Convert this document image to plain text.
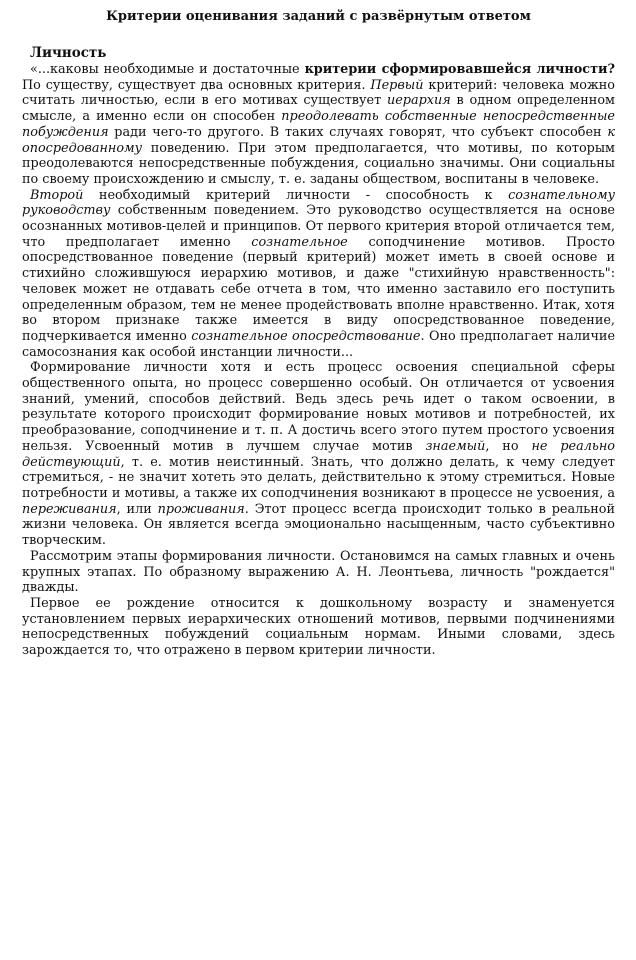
Критерии оценивания заданий с развёрнутым ответом
Личность

«...каковы необходимые и достаточные критерии сформировавшейся личности? По существу, существует два основных критерия. Первый критерий: человека можно считать личностью, если в его мотивах существует иерархия в одном определенном смысле, а именно если он способен преодолевать собственные непосредственные побуждения ради чего-то другого. В таких случаях говорят, что субъект способен к опосредованному поведению. При этом предполагается, что мотивы, по которым преодолеваются непосредственные побуждения, социально значимы. Они социальны по своему происхождению и смыслу, т. е. заданы обществом, воспитаны в человеке.

Второй необходимый критерий личности - способность к сознательному руководству собственным поведением. Это руководство осуществляется на основе осознанных мотивов-целей и принципов. От первого критерия второй отличается тем, что предполагает именно сознательное соподчинение мотивов. Просто опосредствованное поведение (первый критерий) может иметь в своей основе и стихийно сложившуюся иерархию мотивов, и даже "стихийную нравственность": человек может не отдавать себе отчета в том, что именно заставило его поступить определенным образом, тем не менее продействовать вполне нравственно. Итак, хотя во втором признаке также имеется в виду опосредствованное поведение, подчеркивается именно сознательное опосредствование. Оно предполагает наличие самосознания как особой инстанции личности...

Формирование личности хотя и есть процесс освоения специальной сферы общественного опыта, но процесс совершенно особый. Он отличается от усвоения знаний, умений, способов действий. Ведь здесь речь идет о таком освоении, в результате которого происходит формирование новых мотивов и потребностей, их преобразование, соподчинение и т. п. А достичь всего этого путем простого усвоения нельзя. Усвоенный мотив в лучшем случае мотив знаемый, но не реально действующий, т. е. мотив неистинный. Знать, что должно делать, к чему следует стремиться, - не значит хотеть это делать, действительно к этому стремиться. Новые потребности и мотивы, а также их соподчинения возникают в процессе не усвоения, а переживания, или проживания. Этот процесс всегда происходит только в реальной жизни человека. Он является всегда эмоционально насыщенным, часто субъективно творческим.

Рассмотрим этапы формирования личности. Остановимся на самых главных и очень крупных этапах. По образному выражению А. Н. Леонтьева, личность "рождается" дважды.

Первое ее рождение относится к дошкольному возрасту и знаменуется установлением первых иерархических отношений мотивов, первыми подчинениями непосредственных побуждений социальным нормам. Иными словами, здесь зарождается то, что отражено в первом критерии личности.
